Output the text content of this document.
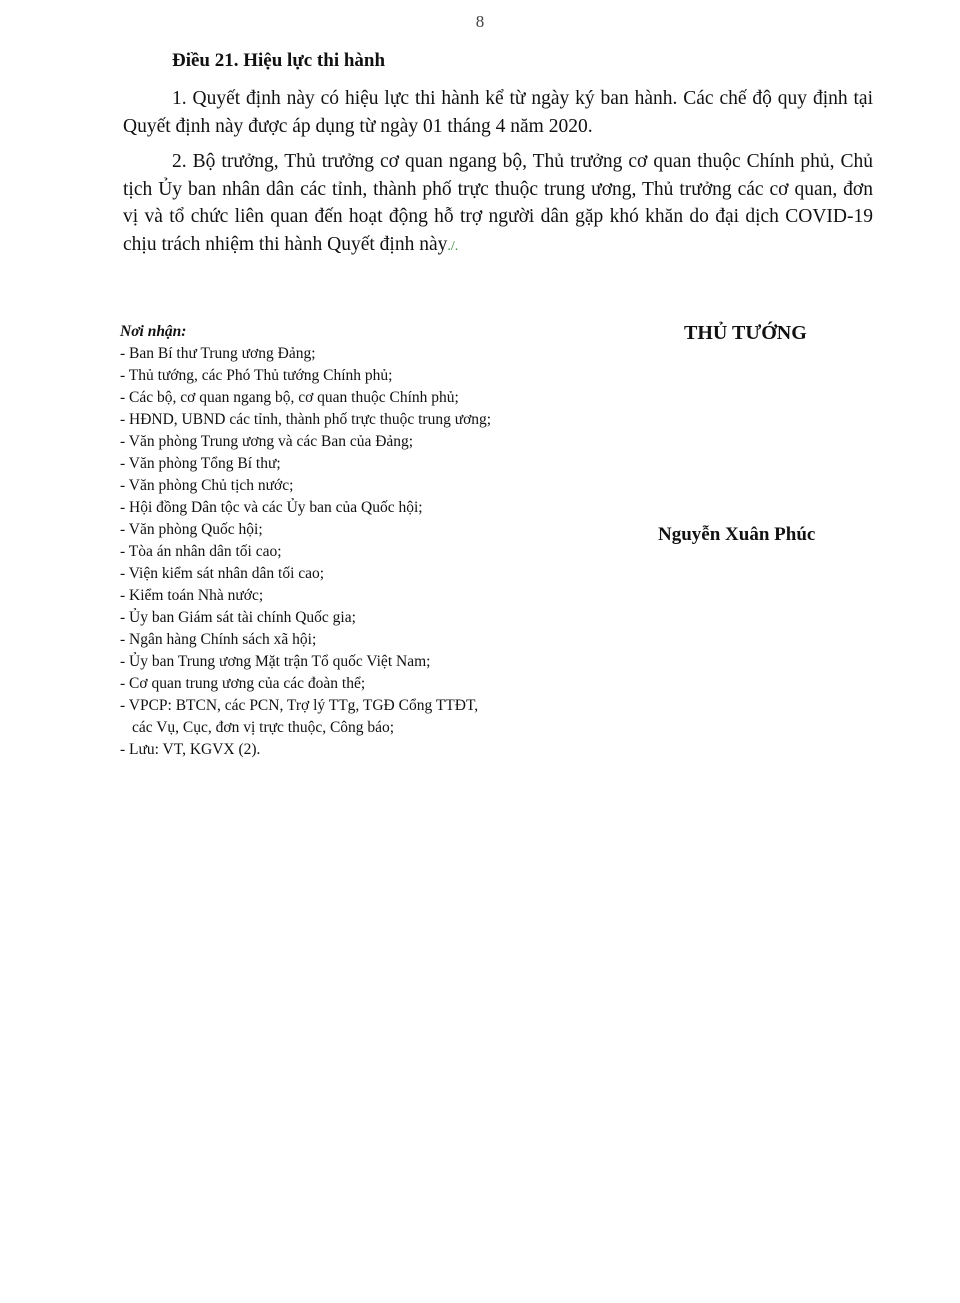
8
Điều 21. Hiệu lực thi hành

1. Quyết định này có hiệu lực thi hành kể từ ngày ký ban hành. Các chế độ quy định tại Quyết định này được áp dụng từ ngày 01 tháng 4 năm 2020.

2. Bộ trưởng, Thủ trưởng cơ quan ngang bộ, Thủ trưởng cơ quan thuộc Chính phủ, Chủ tịch Ủy ban nhân dân các tỉnh, thành phố trực thuộc trung ương, Thủ trưởng các cơ quan, đơn vị và tổ chức liên quan đến hoạt động hỗ trợ người dân gặp khó khăn do đại dịch COVID-19 chịu trách nhiệm thi hành Quyết định này./.

Nơi nhận:
- Ban Bí thư Trung ương Đảng;
- Thủ tướng, các Phó Thủ tướng Chính phủ;
- Các bộ, cơ quan ngang bộ, cơ quan thuộc Chính phủ;
- HĐND, UBND các tỉnh, thành phố trực thuộc trung ương;
- Văn phòng Trung ương và các Ban của Đảng;
- Văn phòng Tổng Bí thư;
- Văn phòng Chủ tịch nước;
- Hội đồng Dân tộc và các Ủy ban của Quốc hội;
- Văn phòng Quốc hội;
- Tòa án nhân dân tối cao;
- Viện kiểm sát nhân dân tối cao;
- Kiểm toán Nhà nước;
- Ủy ban Giám sát tài chính Quốc gia;
- Ngân hàng Chính sách xã hội;
- Ủy ban Trung ương Mặt trận Tổ quốc Việt Nam;
- Cơ quan trung ương của các đoàn thể;
- VPCP: BTCN, các PCN, Trợ lý TTg, TGĐ Cổng TTĐT,
các Vụ, Cục, đơn vị trực thuộc, Công báo;
- Lưu: VT, KGVX (2).
THỦ TƯỚNG
Nguyễn Xuân Phúc
